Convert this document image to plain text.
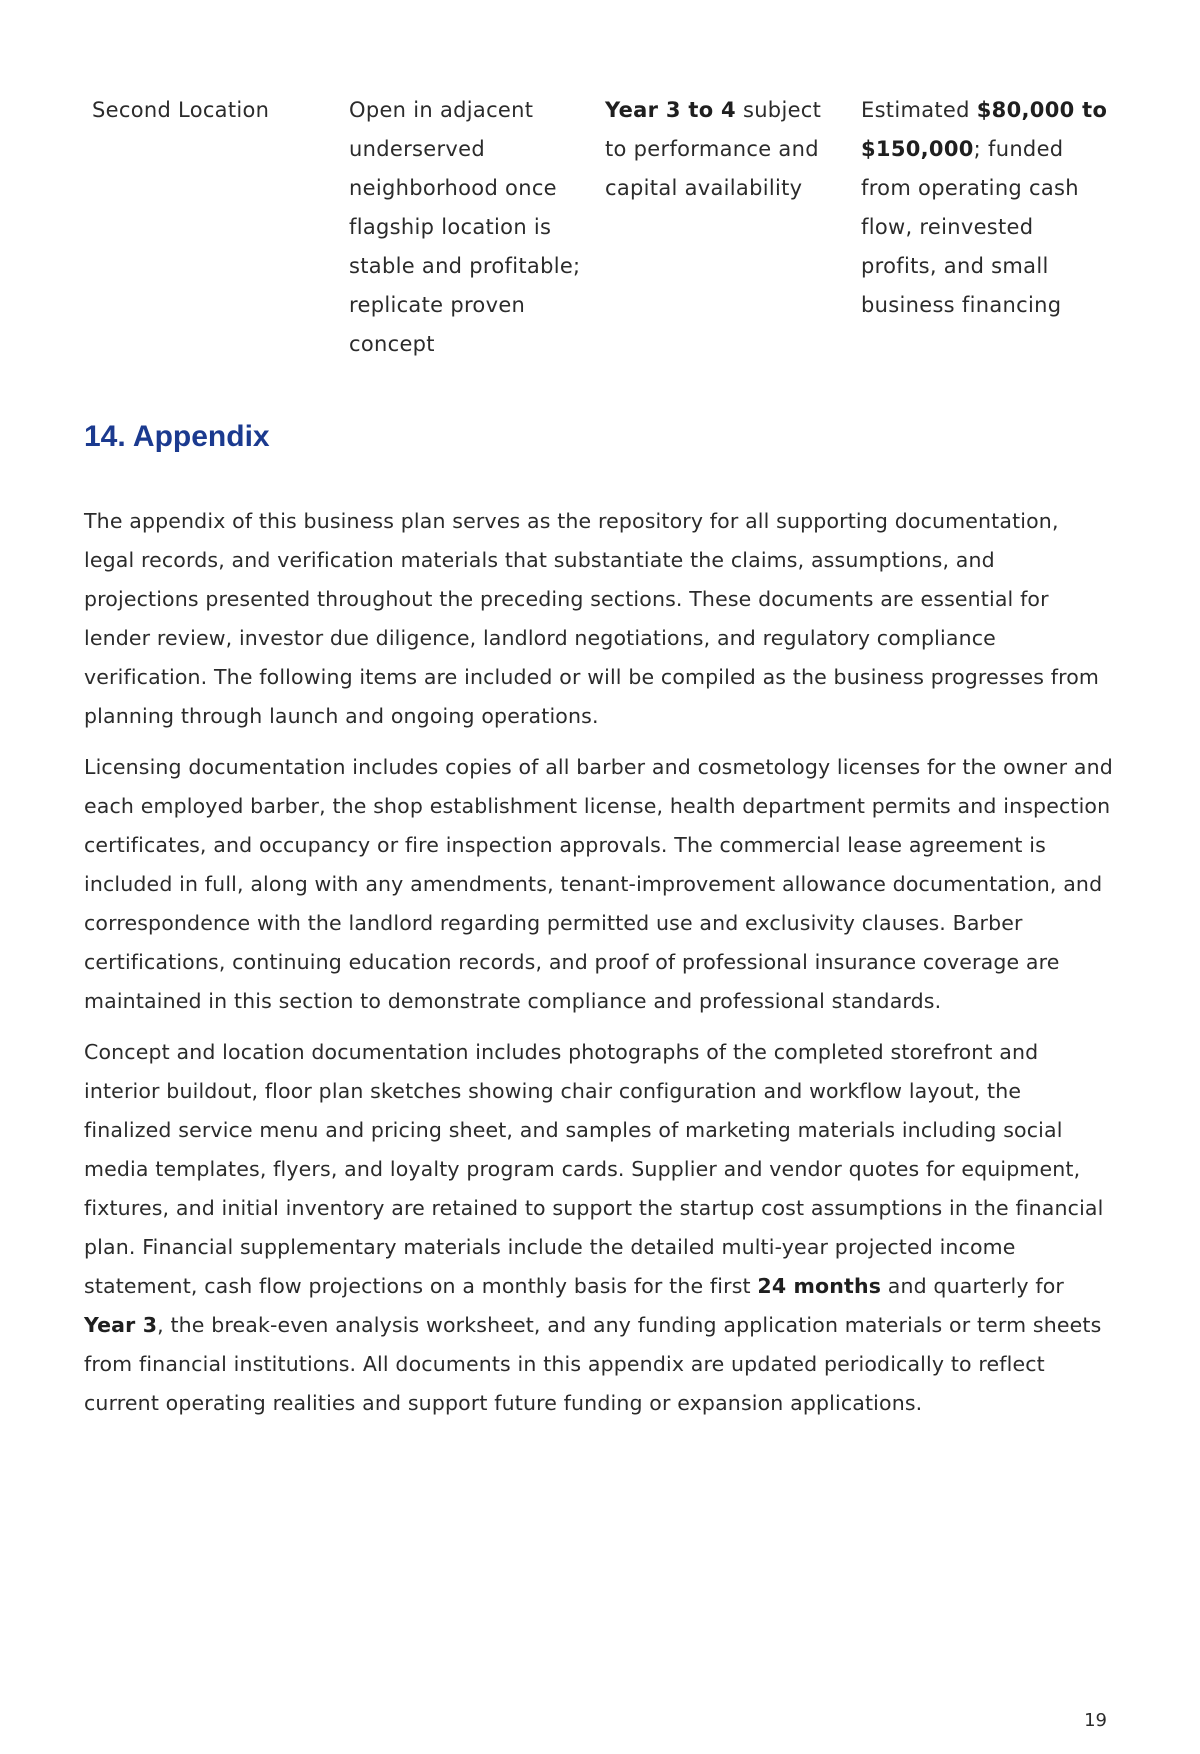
Second Location	Open in adjacent underserved neighborhood once flagship location is stable and profitable; replicate proven concept
Year 3 to 4 subject to performance and capital availability
Estimated $80,000 to $150,000; funded from operating cash flow, reinvested profits, and small business financing
14. Appendix

The appendix of this business plan serves as the repository for all supporting documentation, legal records, and verification materials that substantiate the claims, assumptions, and projections presented throughout the preceding sections. These documents are essential for lender review, investor due diligence, landlord negotiations, and regulatory compliance verification. The following items are included or will be compiled as the business progresses from planning through launch and ongoing operations.

Licensing documentation includes copies of all barber and cosmetology licenses for the owner and each employed barber, the shop establishment license, health department permits and inspection certificates, and occupancy or fire inspection approvals. The commercial lease agreement is included in full, along with any amendments, tenant-improvement allowance documentation, and correspondence with the landlord regarding permitted use and exclusivity clauses. Barber certifications, continuing education records, and proof of professional insurance coverage are maintained in this section to demonstrate compliance and professional standards.

Concept and location documentation includes photographs of the completed storefront and interior buildout, floor plan sketches showing chair configuration and workflow layout, the finalized service menu and pricing sheet, and samples of marketing materials including social media templates, flyers, and loyalty program cards. Supplier and vendor quotes for equipment, fixtures, and initial inventory are retained to support the startup cost assumptions in the financial plan. Financial supplementary materials include the detailed multi-year projected income statement, cash flow projections on a monthly basis for the first 24 months and quarterly for Year 3, the break-even analysis worksheet, and any funding application materials or term sheets from financial institutions. All documents in this appendix are updated periodically to reflect current operating realities and support future funding or expansion applications.

19
